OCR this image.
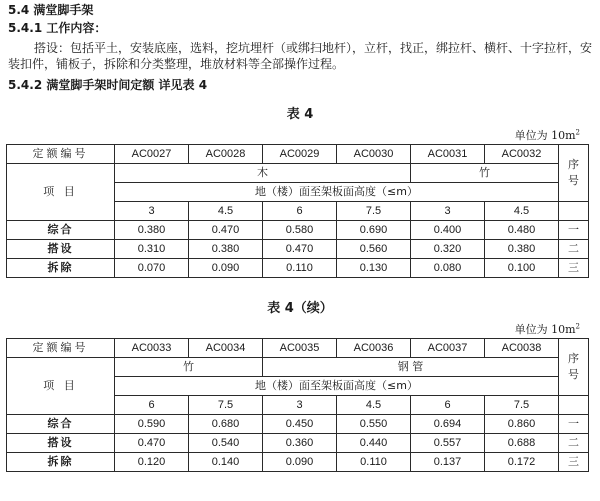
5.4 满堂脚手架
5.4.1 工作内容：
搭设：包括平土，安装底座，选料，挖坑埋杆（或绑扫地杆），立杆，找正，绑拉杆、横杆、十字拉杆，安装扣件，铺板子，拆除和分类整理，堆放材料等全部操作过程。
5.4.2 满堂脚手架时间定额 详见表 4
表 4
单位为 $10m^2$
定额编号	AC0027	AC0028	AC0029	AC0030	AC0031	AC0032	序号
项 目	木				竹		
	地（楼）面至架板面高度（≤m）						
	3	4.5	6	7.5	3	4.5	
综合	0.380	0.470	0.580	0.690	0.400	0.480	一
搭设	0.310	0.380	0.470	0.560	0.320	0.380	二
拆除	0.070	0.090	0.110	0.130	0.080	0.100	三
表 4（续）
单位为 $10m^2$
定额编号	AC0033	AC0034	AC0035	AC0036	AC0037	AC0038	序号
项 目	竹		钢 管				
	地（楼）面至架板面高度（≤m）						
	6	7.5	3	4.5	6	7.5	
综合	0.590	0.680	0.450	0.550	0.694	0.860	一
搭设	0.470	0.540	0.360	0.440	0.557	0.688	二
拆除	0.120	0.140	0.090	0.110	0.137	0.172	三
